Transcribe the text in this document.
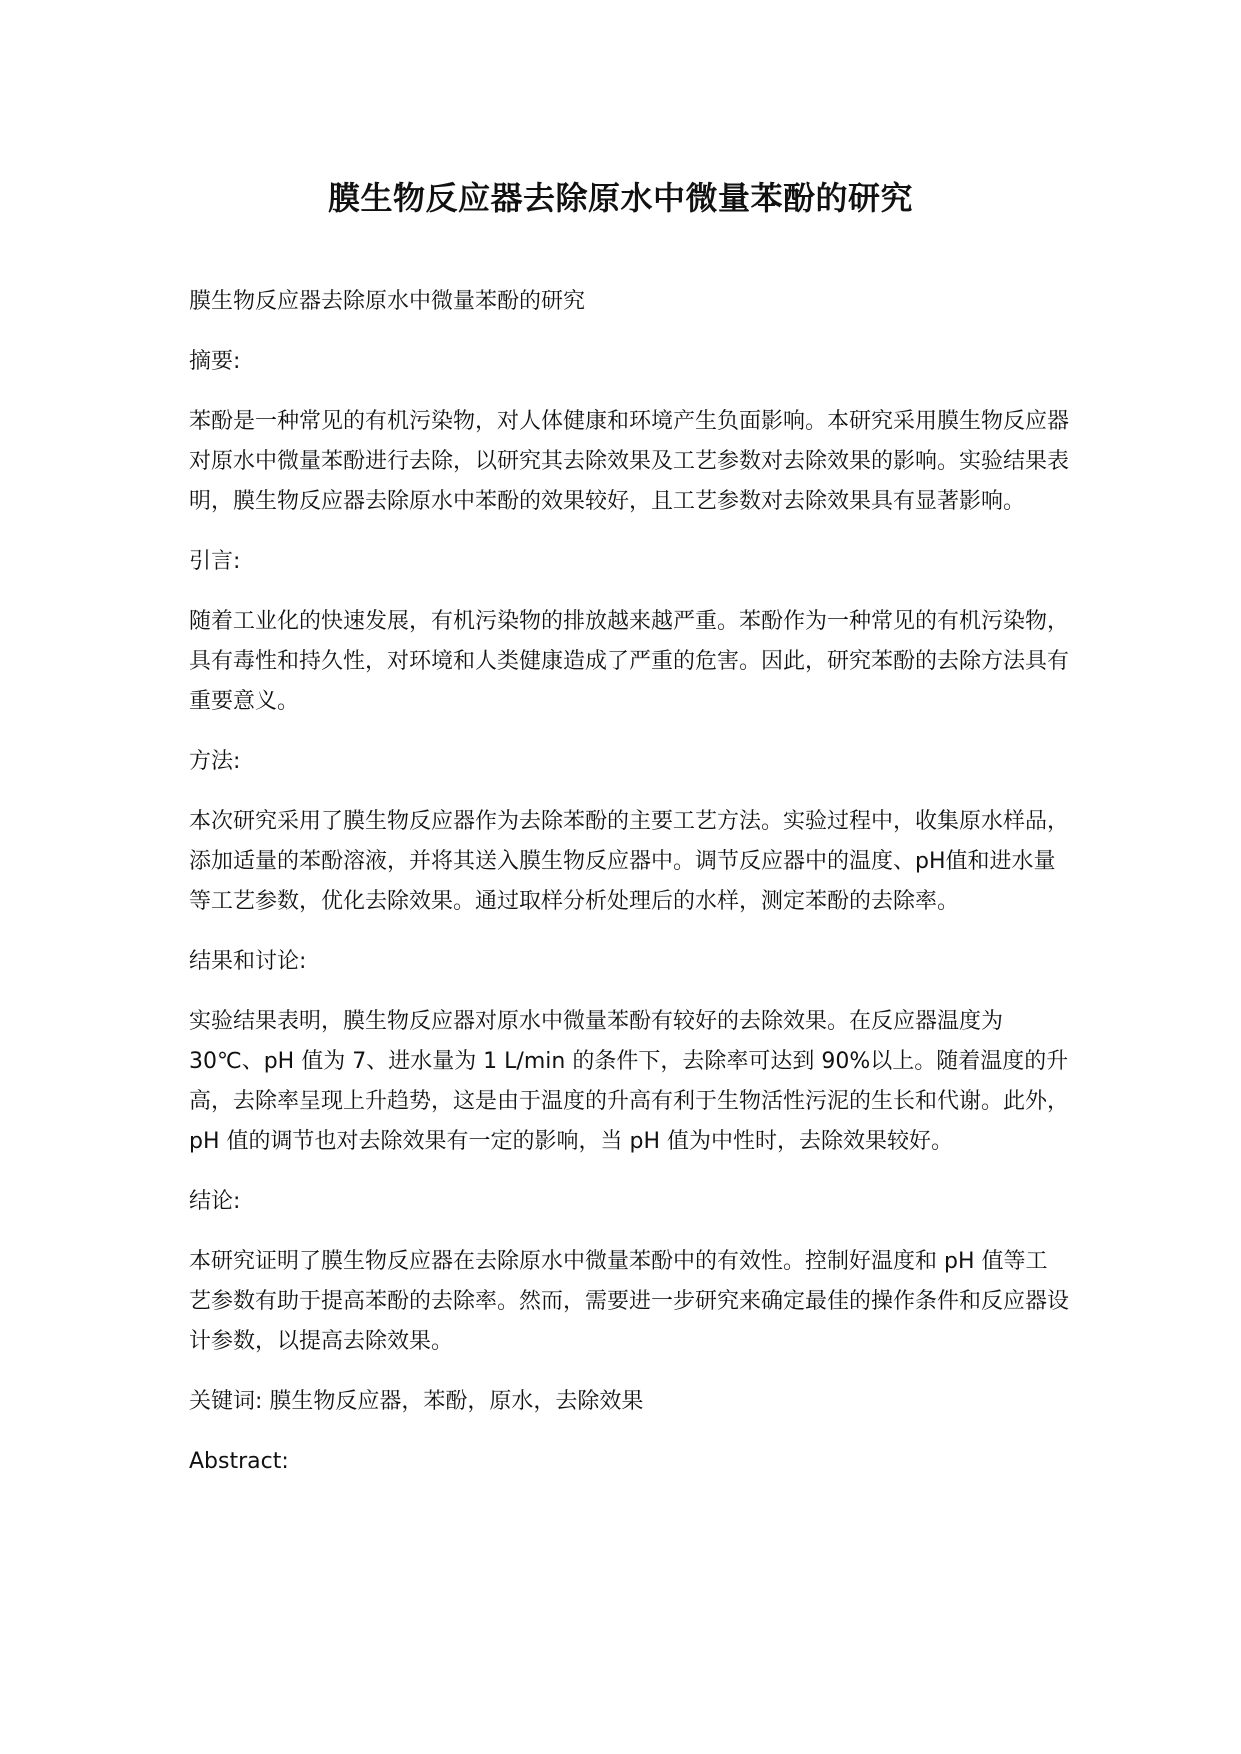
膜生物反应器去除原水中微量苯酚的研究

膜生物反应器去除原水中微量苯酚的研究

摘要:

苯酚是一种常见的有机污染物，对人体健康和环境产生负面影响。本研究采用膜生物反应器对原水中微量苯酚进行去除，以研究其去除效果及工艺参数对去除效果的影响。实验结果表明，膜生物反应器去除原水中苯酚的效果较好，且工艺参数对去除效果具有显著影响。

引言:

随着工业化的快速发展，有机污染物的排放越来越严重。苯酚作为一种常见的有机污染物，具有毒性和持久性，对环境和人类健康造成了严重的危害。因此，研究苯酚的去除方法具有重要意义。

方法:

本次研究采用了膜生物反应器作为去除苯酚的主要工艺方法。实验过程中，收集原水样品，添加适量的苯酚溶液，并将其送入膜生物反应器中。调节反应器中的温度、pH值和进水量等工艺参数，优化去除效果。通过取样分析处理后的水样，测定苯酚的去除率。

结果和讨论:

实验结果表明，膜生物反应器对原水中微量苯酚有较好的去除效果。在反应器温度为30℃、pH 值为 7、进水量为 1 L/min 的条件下，去除率可达到 90%以上。随着温度的升高，去除率呈现上升趋势，这是由于温度的升高有利于生物活性污泥的生长和代谢。此外，pH 值的调节也对去除效果有一定的影响，当 pH 值为中性时，去除效果较好。

结论:

本研究证明了膜生物反应器在去除原水中微量苯酚中的有效性。控制好温度和 pH 值等工艺参数有助于提高苯酚的去除率。然而，需要进一步研究来确定最佳的操作条件和反应器设计参数，以提高去除效果。

关键词: 膜生物反应器，苯酚，原水，去除效果

Abstract:
